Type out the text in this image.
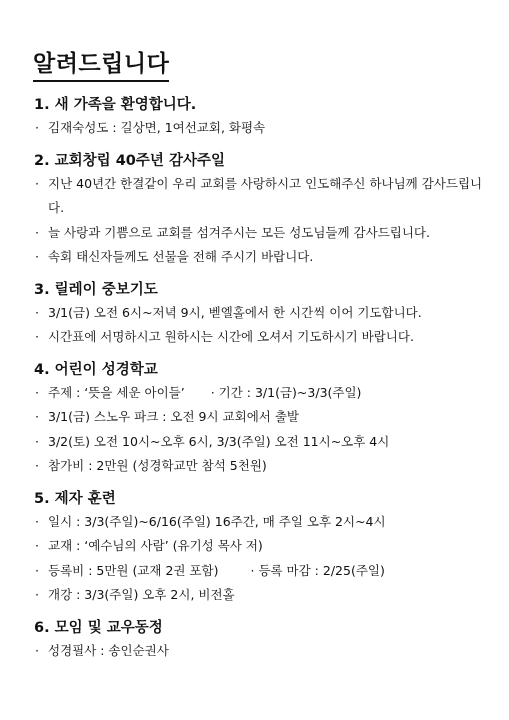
알려드립니다
1. 새 가족을 환영합니다.
· 김재숙성도 : 길상면, 1여선교회, 화평속
2. 교회창립 40주년 감사주일
· 지난 40년간 한결같이 우리 교회를 사랑하시고 인도해주신 하나님께 감사드립니다.
· 늘 사랑과 기쁨으로 교회를 섬겨주시는 모든 성도님들께 감사드립니다.
· 속회 태신자들께도 선물을 전해 주시기 바랍니다.
3. 릴레이 중보기도
· 3/1(금) 오전 6시~저녁 9시, 벧엘홀에서 한 시간씩 이어 기도합니다.
· 시간표에 서명하시고 원하시는 시간에 오셔서 기도하시기 바랍니다.
4. 어린이 성경학교
· 주제 : ‘뜻을 세운 아이들’ · 기간 : 3/1(금)~3/3(주일)
· 3/1(금) 스노우 파크 : 오전 9시 교회에서 출발
· 3/2(토) 오전 10시~오후 6시, 3/3(주일) 오전 11시~오후 4시
· 참가비 : 2만원 (성경학교만 참석 5천원)
5. 제자 훈련
· 일시 : 3/3(주일)~6/16(주일) 16주간, 매 주일 오후 2시~4시
· 교재 : ‘예수님의 사람’ (유기성 목사 저)
· 등록비 : 5만원 (교재 2권 포함)	· 등록 마감 : 2/25(주일)
· 개강 : 3/3(주일) 오후 2시, 비전홀
6. 모임 및 교우동정
· 성경필사 : 송인순권사
